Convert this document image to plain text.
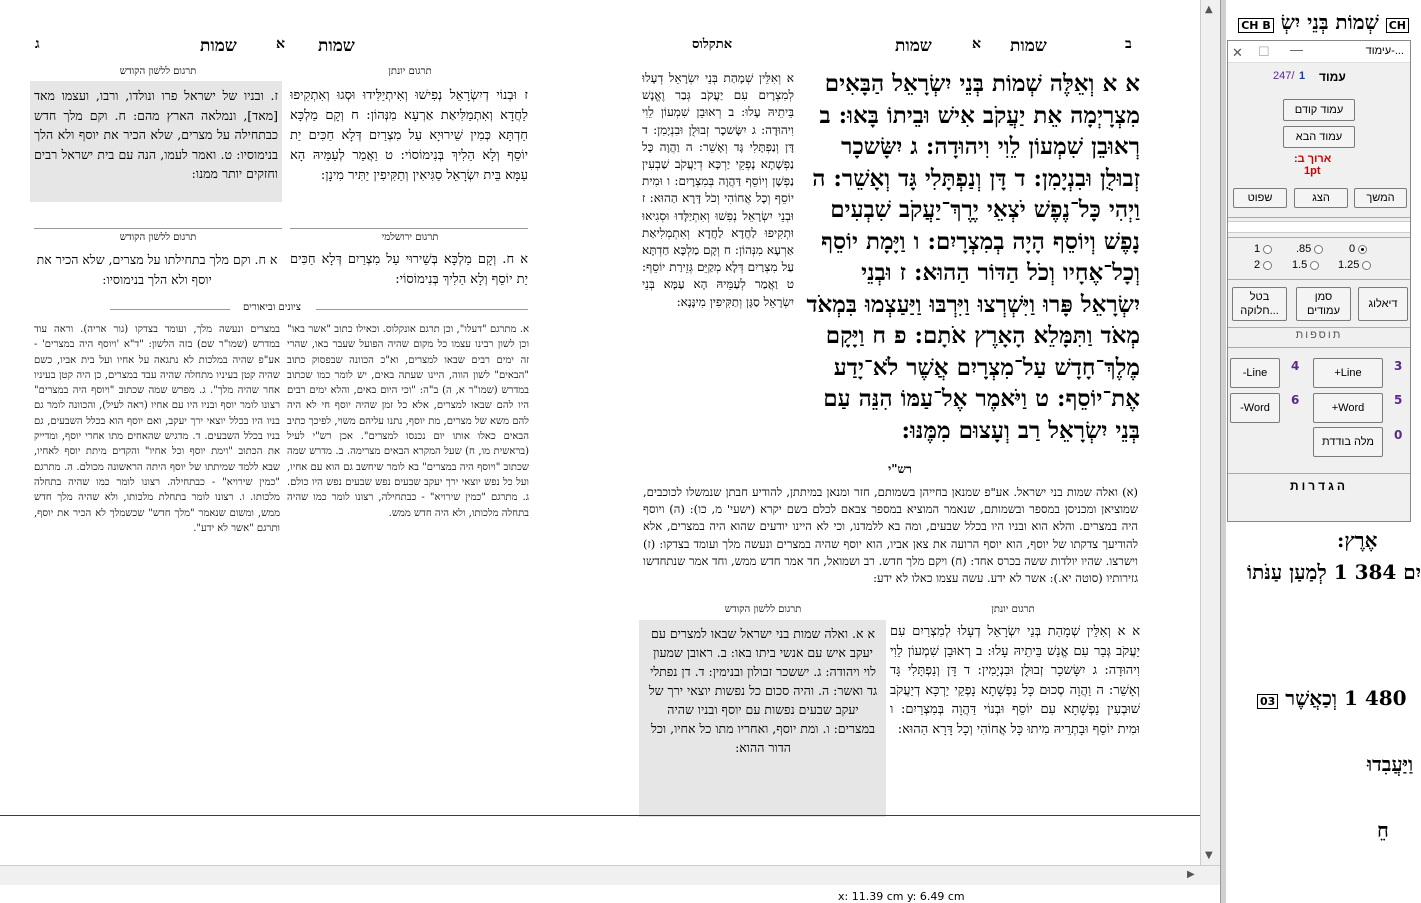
ב
שמות
א
שמות
אתקלוס
שמות
א
שמות
ג
א א וְאֵלֶּה שְׁמוֹת בְּנֵי יִשְׂרָאֵל הַבָּאִים מִצְרָיְמָה אֵת יַעֲקֹב אִישׁ וּבֵיתוֹ בָּאוּ: ב רְאוּבֵן שִׁמְעוֹן לֵוִי וִיהוּדָה: ג יִשָּׂשכָר זְבוּלֻן וּבִנְיָמִן: ד דָּן וְנַפְתָּלִי גָּד וְאָשֵׁר: ה וַיְהִי כָּל־נֶפֶשׁ יֹצְאֵי יֶרֶךְ־יַעֲקֹב שִׁבְעִים נָפֶשׁ וְיוֹסֵף הָיָה בְמִצְרָיִם: ו וַיָּמָת יוֹסֵף וְכָל־אֶחָיו וְכֹל הַדּוֹר הַהוּא: ז וּבְנֵי יִשְׂרָאֵל פָּרוּ וַיִּשְׁרְצוּ וַיִּרְבּוּ וַיַּעַצְמוּ בִּמְאֹד מְאֹד וַתִּמָּלֵא הָאָרֶץ אֹתָם: פ ח וַיָּקָם מֶלֶךְ־חָדָשׁ עַל־מִצְרָיִם אֲשֶׁר לֹא־יָדַע אֶת־יוֹסֵף: ט וַיֹּאמֶר אֶל־עַמּוֹ הִנֵּה עַם בְּנֵי יִשְׂרָאֵל רַב וְעָצוּם מִמֶּנּוּ:
א וְאִלֵּין שְׁמָהַת בְּנֵי יִשְׂרָאֵל דְעָלוּ לְמִצְרָיִם עִם יַעֲקֹב גְּבַר וֶאֱנָשׁ בֵּיתֵיהּ עָלוּ: ב רְאוּבֵן שִׁמְעוֹן לֵוִי וִיהוּדָה: ג יִשָּׂשכָר זְבוּלֻן וּבִנְיָמִן: ד דָּן וְנַפְתָּלִי גָּד וְאָשֵׁר: ה וַהֲוָה כָּל נַפְשָׁתָא נָפְקֵי יַרְכָּא דְיַעֲקֹב שַׁבְעִין נַפְשָׁן וְיוֹסֵף דַּהֲוָה בְּמִצְרָיִם: ו וּמִית יוֹסֵף וְכָל אֲחוֹהִי וְכֹל דָּרָא הַהוּא: ז וּבְנֵי יִשְׂרָאֵל נְפִשׁוּ וְאִתְיַלָּדוּ וּסְגִיאוּ וּתְקִיפוּ לַחֲדָא לַחֲדָא וְאִתְמְלִיאַת אַרְעָא מִנְּהוֹן: ח וְקָם מַלְכָּא חַדְתָּא עַל מִצְרַיִם דְּלָא מְקַיֵּם גְּזֵירַת יוֹסֵף: ט וַאֲמַר לְעַמֵּיהּ הָא עַמָּא בְּנֵי יִשְׂרָאֵל סַגָּן וְתַקִּיפִין מִינָּנָא:
רש"י
(א) ואלה שמות בני ישראל. אע"פ שמנאן בחייהן בשמותם, חזר ומנאן במיתתן, להודיע חבתן שנמשלו לכוכבים, שמוציאן ומכניסן במספר ובשמותם, שנאמר המוציא במספר צבאם לכלם בשם יקרא (ישעי' מ, כו): (ה) ויוסף היה במצרים. והלא הוא ובניו היו בכלל שבעים, ומה בא ללמדנו, וכי לא היינו יודעים שהוא היה במצרים, אלא להודיעך צדקתו של יוסף, הוא יוסף הרועה את צאן אביו, הוא יוסף שהיה במצרים ונעשה מלך ועומד בצדקו: (ז) וישרצו. שהיו יולדות ששה בכרס אחד: (ח) ויקם מלך חדש. רב ושמואל, חד אמר חדש ממש, וחד אמר שנתחדשו גזירותיו (סוטה יא.): אשר לא ידע. עשה עצמו כאלו לא ידע:
תרגום יונתן
א א וְאִלֵּין שְׁמָהַת בְּנֵי יִשְׂרָאֵל דְעָלוּ לְמִצְרַיִם עִם יַעֲקֹב גְּבַר עִם אֱנַשׁ בֵּיתֵיהּ עָלוּ: ב רְאוּבֵן שִׁמְעוֹן לֵוִי וִיהוּדָה: ג יִשָּׂשכָר זְבוּלֻן וּבִנְיָמִין: ד דָּן וְנַפְתָּלִי גָּד וְאָשֵׁר: ה וַהֲוָה סְכוּם כָּל נַפְשָׁתָא נָפְקֵי יַרְכָּא דְיַעֲקֹב שׁוּבְעִין נַפְשָׁתָא עִם יוֹסֵף וּבְנוֹי דַּהֲוָה בְּמִצְרַיִם: ו וּמִית יוֹסֵף וּבָתְרֵיהּ מִיתוּ כָּל אֲחוֹהִי וְכָל דָּרָא הַהוּא:
תרגום ללשון הקודש
א א. ואלה שמות בני ישראל שבאו למצרים עם יעקב איש עם אנשי ביתו באו: ב. ראובן שמעון לוי ויהודה: ג. יששכר זבולון ובנימין: ד. דן נפתלי גד ואשר: ה. והיה סכום כל נפשות יוצאי ירך של יעקב שבעים נפשות עם יוסף ובניו שהיה במצרים: ו. ומת יוסף, ואחריו מתו כל אחיו, וכל הדור ההוא:
תרגום יונתן
ז וּבְנוֹי דְיִשְׂרָאֵל נְפִישׁוּ וְאִיתְיַלִּידוּ וּסְגוּ וְאִתְקִיפוּ לַחֲדָא וְאִתְמַלִּיאַת אַרְעָא מִנְּהוֹן: ח וְקָם מַלְכָּא חַדְתָּא כְּמִין שֵׁירוּיָא עַל מִצְרַיִם דְּלָא חַכִּים יַת יוֹסֵף וְלָא הַלִיךְ בְּנִימוֹסוֹי: ט וַאֲמַר לְעַמֵּיהּ הָא עַמָּא בֵּית יִשְׂרָאֵל סַגִּיאִין וְתַקִּיפִין יַתִּיר מִינָן:
תרגום ללשון הקודש
ז. ובניו של ישראל פרו ונולדו, ורבו, ועצמו מאד [מאד], ונמלאה הארץ מהם: ח. וקם מלך חדש כבתחילה על מצרים, שלא הכיר את יוסף ולא הלך בנימוסיו: ט. ואמר לעמו, הנה עם בית ישראל רבים וחזקים יותר ממנו:
תרגום ירושלמי
א ח. וְקָם מַלְכָּא בְּשֵׁירוּי עַל מִצְרַיִם דְּלָא חַכִּים יַת יוֹסֵף וְלָא הַלִיךְ בְּנִימוֹסוֹי:
תרגום ללשון הקודש
א ח. וקם מלך בתחילתו על מצרים, שלא הכיר את יוסף ולא הלך בנימוסיו:
ציונים וביאורים
א. מתרגם "דעלו", וכן תרגם אונקלוס. וכאילו כתוב "אשר באו" וכן לשון רבינו עצמו כל מקום שהיה הפועל שעבר באו, שהרי זה ימים רבים שבאו למצרים, וא"כ הכוונה שבפסוק כתוב "הבאים" לשון הווה, היינו שעתה באים, יש לומר כמו שכתוב במדרש (שמו"ר א, ה) ב"ה: "וכי היום באים, והלא ימים רבים היו להם שבאו למצרים, אלא כל זמן שהיה יוסף חי לא היה להם משא של מצרים, מת יוסף, נתנו עליהם משוי, לפיכך כתיב הבאים כאלו אותו יום נכנסו למצרים". אכן רש"י לעיל (בראשית מו, ח) שעל המקרא הבאים מצרימה. ב. מדרש שמה שכתוב "ויוסף היה במצרים" בא לומר שיחשב גם הוא עם אחיו, ועל כל נפש יוצאי ירך יעקב שבעים נפש שבעים נפש היו כולם. ג. מתרגם "כמין שירויא" - כבתחילה, רצונו לומר כמו שהיה בתחלה מלכותו, ולא היה חדש ממש.
במצרים ונעשה מלך, ועומד בצדקו (גור אריה). וראה עוד במדרש (שמו"ר שם) בזה הלשון: "ד"א 'ויוסף היה במצרים' - אע"פ שהיה במלכות לא נתגאה על אחיו ועל בית אביו, כשם שהיה קטן בעיניו מתחלה שהיה עבד במצרים, כן היה קטן בעיניו אחר שהיה מלך". ג. מפרש שמה שכתוב "ויוסף היה במצרים" רצונו לומר יוסף ובניו היו עם אחיו (ראה לעיל), והכוונה לומר גם בניו היו בכלל יוצאי ירך יעקב, ואם יוסף הוא בכלל השבעים, גם בניו בכלל השבעים. ד. מדגיש שהאחים מתו אחרי יוסף, ומדייק את הכתוב "וימת יוסף וכל אחיו" והקדים מיתת יוסף לאחיו, שבא ללמד שמיתתו של יוסף היתה הראשונה מכולם. ה. מתרגם "כמין שירויא" - כבתחילה. רצונו לומר כמו שהיה בתחלה מלכותו. ו. רצונו לומר בתחלת מלכותו, ולא שהיה מלך חדש ממש, ומשום שנאמר "מלך חדש" שכשמלך לא הכיר את יוסף, ותרגם "אשר לא ידע".
▲
▼
▶
x: 11.39 cm y: 6.49 cm
CH שְׁמוֹת בְּנֵי יִשְׂ CH B
אֶרֶץ:
יִם ‎1 384‎ לְמַעַן עַנֹּתוֹ
‎1 480‎ וְכַאֲשֶׁר 03
וַיַּעֲבִדוּ
חֵ
✕ ☐ —	...-עימוד
עמוד
1
247/
עמוד קודם
עמוד הבא
ארוך ב:
1pt
המשך
הצג
שפוט
0
.85
1
1.25
1.5
2
דיאלוג
סמן עמודים
בטל חלוקה...
תוספות
3
+Line
4
-Line
5
+Word
6
-Word
0
מלה בודדת
הגדרות
